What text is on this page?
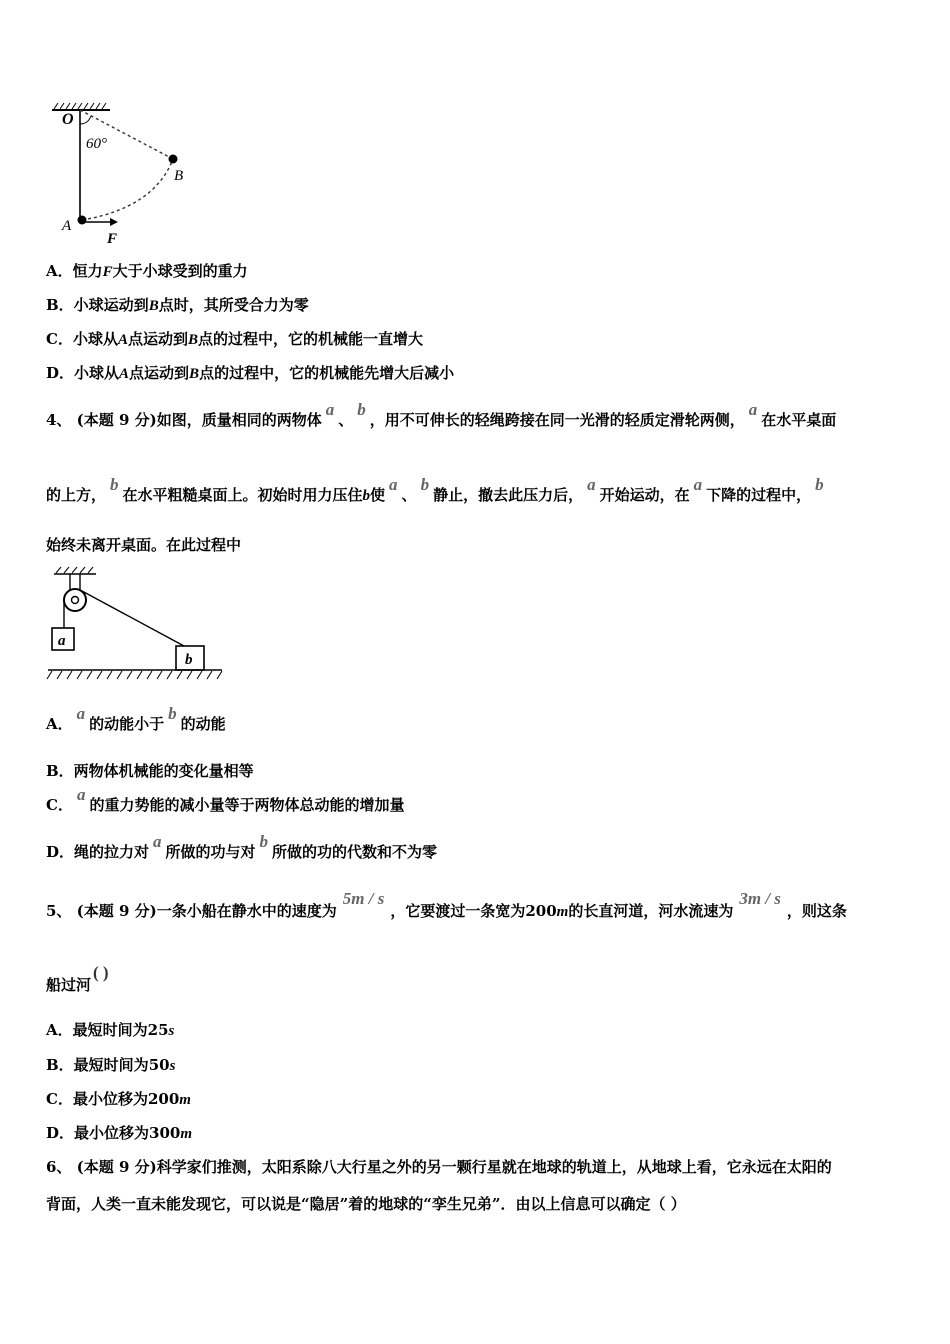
O
60°
B
A
F
A．恒力F大于小球受到的重力
B．小球运动到B点时，其所受合力为零
C．小球从A点运动到B点的过程中，它的机械能一直增大
D．小球从A点运动到B点的过程中，它的机械能先增大后减小
4、 (本题 9 分)如图，质量相同的两物体a、b，用不可伸长的轻绳跨接在同一光滑的轻质定滑轮两侧，a在水平桌面
的上方，b在水平粗糙桌面上。初始时用力压住b使a、b静止，撤去此压力后，a开始运动，在a下降的过程中，b
始终未离开桌面。在此过程中
a
b
A．a的动能小于b的动能
B．两物体机械能的变化量相等
C．a的重力势能的减小量等于两物体总动能的增加量
D．绳的拉力对a所做的功与对b所做的功的代数和不为零
5、 (本题 9 分)一条小船在静水中的速度为5m / s，它要渡过一条宽为200m的长直河道，河水流速为3m / s，则这条
船过河( )
A．最短时间为25s
B．最短时间为50s
C．最小位移为200m
D．最小位移为300m
6、 (本题 9 分)科学家们推测，太阳系除八大行星之外的另一颗行星就在地球的轨道上，从地球上看，它永远在太阳的
背面，人类一直未能发现它，可以说是“隐居”着的地球的“孪生兄弟”．由以上信息可以确定（ ）
